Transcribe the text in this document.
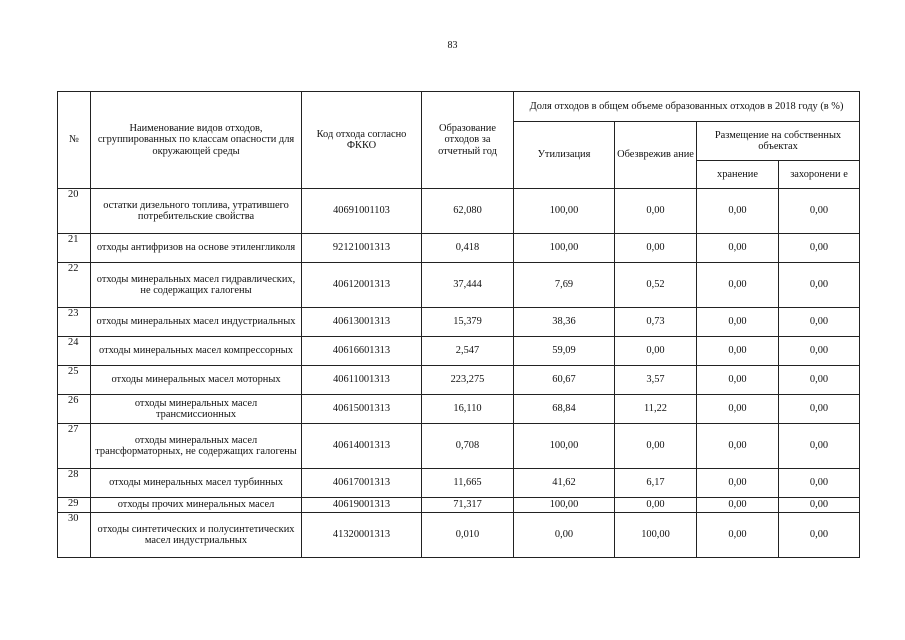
83
№	Наименование видов отходов, сгруппированных по классам опасности для окружающей среды	Код отхода согласно ФККО	Образование отходов за отчетный год	Доля отходов в общем объеме образованных отходов в 2018 году (в %)			
				Утилизация	Обезврежив ание	Размещение на собственных объектах	
						хранение	захоронени е
20	остатки дизельного топлива, утратившего потребительские свойства	40691001103	62,080	100,00	0,00	0,00	0,00
21	отходы антифризов на основе этиленгликоля	92121001313	0,418	100,00	0,00	0,00	0,00
22	отходы минеральных масел гидравлических, не содержащих галогены	40612001313	37,444	7,69	0,52	0,00	0,00
23	отходы минеральных масел индустриальных	40613001313	15,379	38,36	0,73	0,00	0,00
24	отходы минеральных масел компрессорных	40616601313	2,547	59,09	0,00	0,00	0,00
25	отходы минеральных масел моторных	40611001313	223,275	60,67	3,57	0,00	0,00
26	отходы минеральных масел трансмиссионных	40615001313	16,110	68,84	11,22	0,00	0,00
27	отходы минеральных масел трансформаторных, не содержащих галогены	40614001313	0,708	100,00	0,00	0,00	0,00
28	отходы минеральных масел турбинных	40617001313	11,665	41,62	6,17	0,00	0,00
29	отходы прочих минеральных масел	40619001313	71,317	100,00	0,00	0,00	0,00
30	отходы синтетических и полусинтетических масел индустриальных	41320001313	0,010	0,00	100,00	0,00	0,00
